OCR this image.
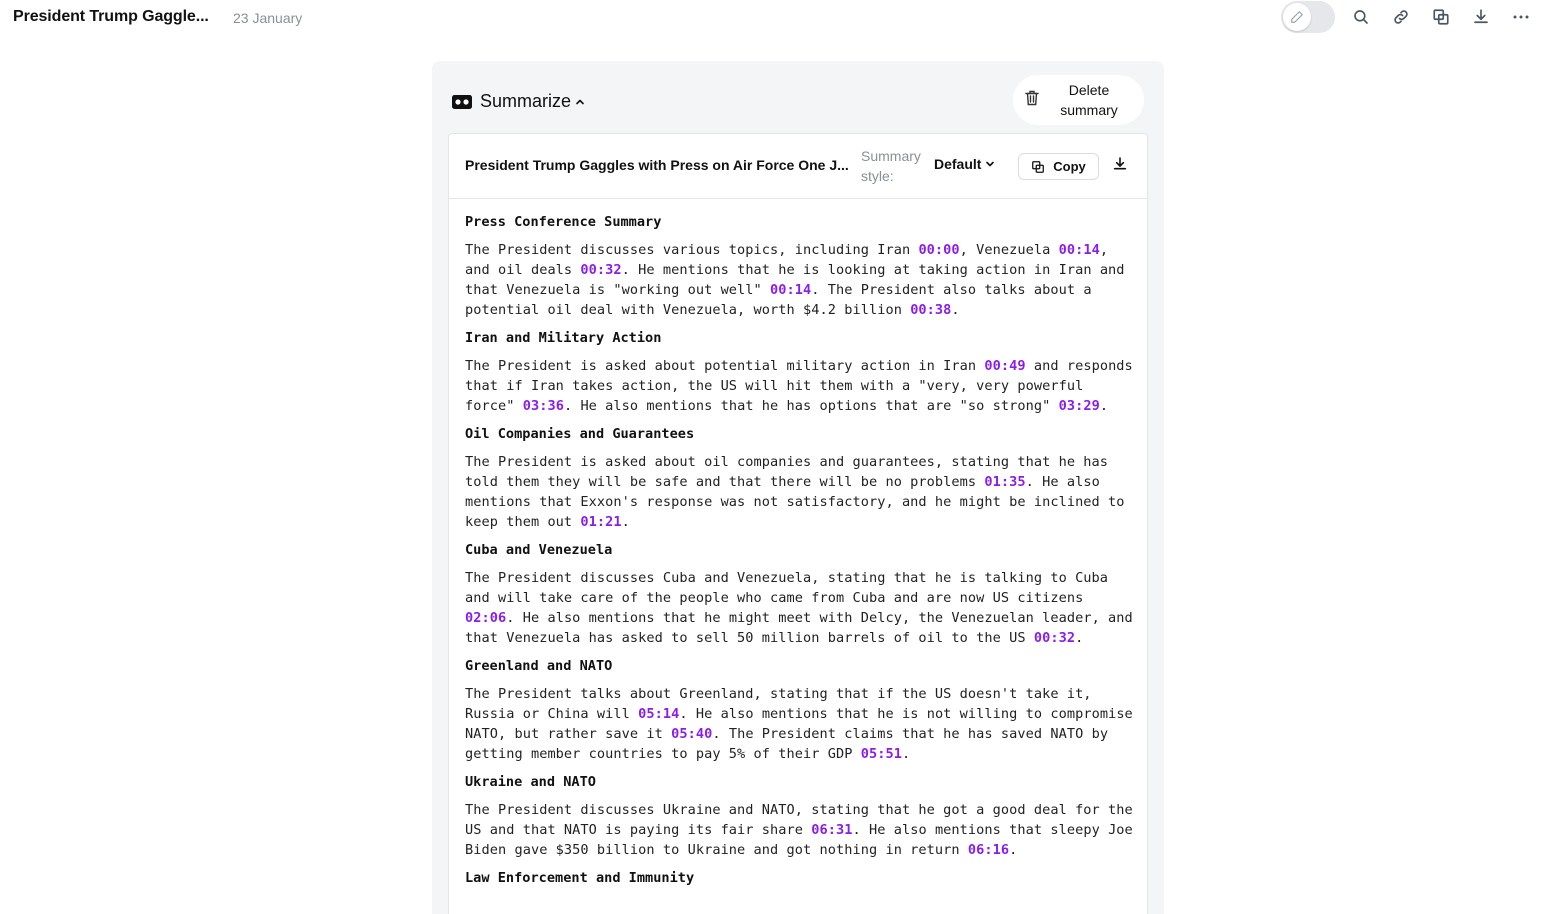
President Trump Gaggle... 23 January
Summarize
Delete summary
President Trump Gaggles with Press on Air Force One J...
Summary style:
Default	Copy
Press Conference Summary

The President discusses various topics, including Iran 00:00, Venezuela 00:14, and oil deals 00:32. He mentions that he is looking at taking action in Iran and that Venezuela is "working out well" 00:14. The President also talks about a potential oil deal with Venezuela, worth $4.2 billion 00:38.

Iran and Military Action

The President is asked about potential military action in Iran 00:49 and responds that if Iran takes action, the US will hit them with a "very, very powerful force" 03:36. He also mentions that he has options that are "so strong" 03:29.

Oil Companies and Guarantees

The President is asked about oil companies and guarantees, stating that he has told them they will be safe and that there will be no problems 01:35. He also mentions that Exxon's response was not satisfactory, and he might be inclined to keep them out 01:21.

Cuba and Venezuela

The President discusses Cuba and Venezuela, stating that he is talking to Cuba and will take care of the people who came from Cuba and are now US citizens 02:06. He also mentions that he might meet with Delcy, the Venezuelan leader, and that Venezuela has asked to sell 50 million barrels of oil to the US 00:32.

Greenland and NATO

The President talks about Greenland, stating that if the US doesn't take it, Russia or China will 05:14. He also mentions that he is not willing to compromise NATO, but rather save it 05:40. The President claims that he has saved NATO by getting member countries to pay 5% of their GDP 05:51.

Ukraine and NATO

The President discusses Ukraine and NATO, stating that he got a good deal for the US and that NATO is paying its fair share 06:31. He also mentions that sleepy Joe Biden gave $350 billion to Ukraine and got nothing in return 06:16.

Law Enforcement and Immunity
